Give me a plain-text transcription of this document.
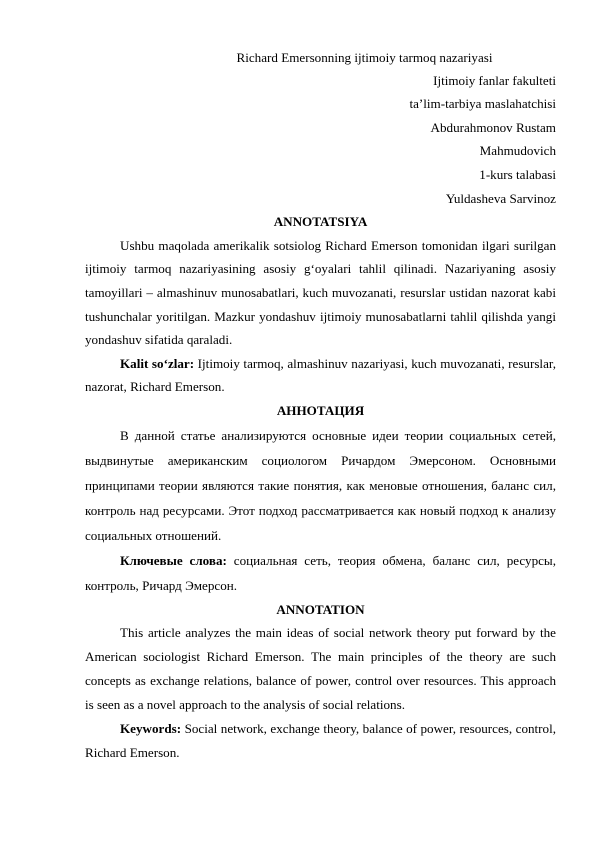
Richard Emersonning ijtimoiy tarmoq nazariyasi

Ijtimoiy fanlar fakulteti
ta’lim-tarbiya maslahatchisi
Abdurahmonov Rustam
Mahmudovich
1-kurs talabasi
Yuldasheva Sarvinoz

ANNOTATSIYA

Ushbu maqolada amerikalik sotsiolog Richard Emerson tomonidan ilgari surilgan ijtimoiy tarmoq nazariyasining asosiy g‘oyalari tahlil qilinadi. Nazariyaning asosiy tamoyillari – almashinuv munosabatlari, kuch muvozanati, resurslar ustidan nazorat kabi tushunchalar yoritilgan. Mazkur yondashuv ijtimoiy munosabatlarni tahlil qilishda yangi yondashuv sifatida qaraladi.

Kalit so‘zlar: Ijtimoiy tarmoq, almashinuv nazariyasi, kuch muvozanati, resurslar, nazorat, Richard Emerson.

АННОТАЦИЯ

В данной статье анализируются основные идеи теории социальных сетей, выдвинутые американским социологом Ричардом Эмерсоном. Основными принципами теории являются такие понятия, как меновые отношения, баланс сил, контроль над ресурсами. Этот подход рассматривается как новый подход к анализу социальных отношений.

Ключевые слова: социальная сеть, теория обмена, баланс сил, ресурсы, контроль, Ричард Эмерсон.

ANNOTATION

This article analyzes the main ideas of social network theory put forward by the American sociologist Richard Emerson. The main principles of the theory are such concepts as exchange relations, balance of power, control over resources. This approach is seen as a novel approach to the analysis of social relations.

Keywords: Social network, exchange theory, balance of power, resources, control, Richard Emerson.
